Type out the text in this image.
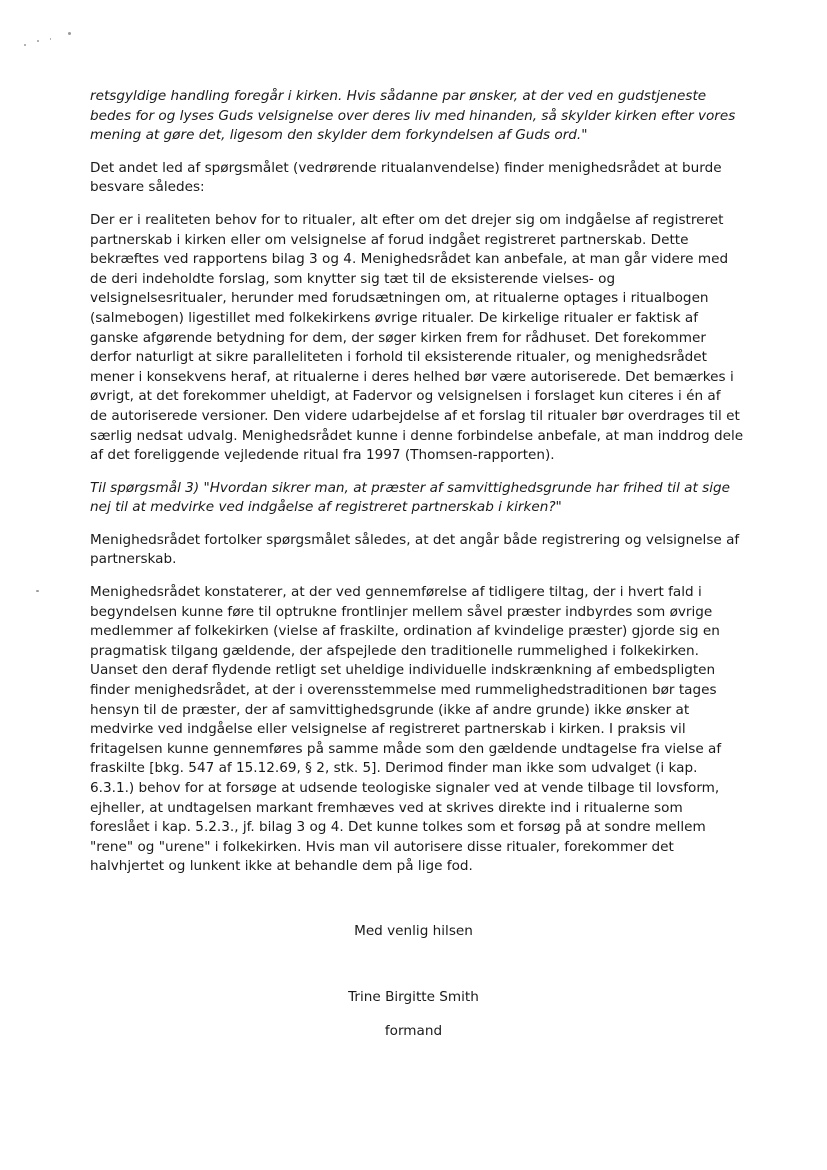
retsgyldige handling foregår i kirken. Hvis sådanne par ønsker, at der ved en gudstjeneste
bedes for og lyses Guds velsignelse over deres liv med hinanden, så skylder kirken efter vores
mening at gøre det, ligesom den skylder dem forkyndelsen af Guds ord."

Det andet led af spørgsmålet (vedrørende ritualanvendelse) finder menighedsrådet at burde
besvare således:

Der er i realiteten behov for to ritualer, alt efter om det drejer sig om indgåelse af registreret
partnerskab i kirken eller om velsignelse af forud indgået registreret partnerskab. Dette
bekræftes ved rapportens bilag 3 og 4. Menighedsrådet kan anbefale, at man går videre med
de deri indeholdte forslag, som knytter sig tæt til de eksisterende vielses- og
velsignelsesritualer, herunder med forudsætningen om, at ritualerne optages i ritualbogen
(salmebogen) ligestillet med folkekirkens øvrige ritualer. De kirkelige ritualer er faktisk af
ganske afgørende betydning for dem, der søger kirken frem for rådhuset. Det forekommer
derfor naturligt at sikre paralleliteten i forhold til eksisterende ritualer, og menighedsrådet
mener i konsekvens heraf, at ritualerne i deres helhed bør være autoriserede. Det bemærkes i
øvrigt, at det forekommer uheldigt, at Fadervor og velsignelsen i forslaget kun citeres i én af
de autoriserede versioner. Den videre udarbejdelse af et forslag til ritualer bør overdrages til et
særlig nedsat udvalg. Menighedsrådet kunne i denne forbindelse anbefale, at man inddrog dele
af det foreliggende vejledende ritual fra 1997 (Thomsen-rapporten).

Til spørgsmål 3) "Hvordan sikrer man, at præster af samvittighedsgrunde har frihed til at sige
nej til at medvirke ved indgåelse af registreret partnerskab i kirken?"

Menighedsrådet fortolker spørgsmålet således, at det angår både registrering og velsignelse af
partnerskab.

Menighedsrådet konstaterer, at der ved gennemførelse af tidligere tiltag, der i hvert fald i
begyndelsen kunne føre til optrukne frontlinjer mellem såvel præster indbyrdes som øvrige
medlemmer af folkekirken (vielse af fraskilte, ordination af kvindelige præster) gjorde sig en
pragmatisk tilgang gældende, der afspejlede den traditionelle rummelighed i folkekirken.
Uanset den deraf flydende retligt set uheldige individuelle indskrænkning af embedspligten
finder menighedsrådet, at der i overensstemmelse med rummelighedstraditionen bør tages
hensyn til de præster, der af samvittighedsgrunde (ikke af andre grunde) ikke ønsker at
medvirke ved indgåelse eller velsignelse af registreret partnerskab i kirken. I praksis vil
fritagelsen kunne gennemføres på samme måde som den gældende undtagelse fra vielse af
fraskilte [bkg. 547 af 15.12.69, § 2, stk. 5]. Derimod finder man ikke som udvalget (i kap.
6.3.1.) behov for at forsøge at udsende teologiske signaler ved at vende tilbage til lovsform,
ejheller, at undtagelsen markant fremhæves ved at skrives direkte ind i ritualerne som
foreslået i kap. 5.2.3., jf. bilag 3 og 4. Det kunne tolkes som et forsøg på at sondre mellem
"rene" og "urene" i folkekirken. Hvis man vil autorisere disse ritualer, forekommer det
halvhjertet og lunkent ikke at behandle dem på lige fod.

Med venlig hilsen
Trine Birgitte Smith
formand
